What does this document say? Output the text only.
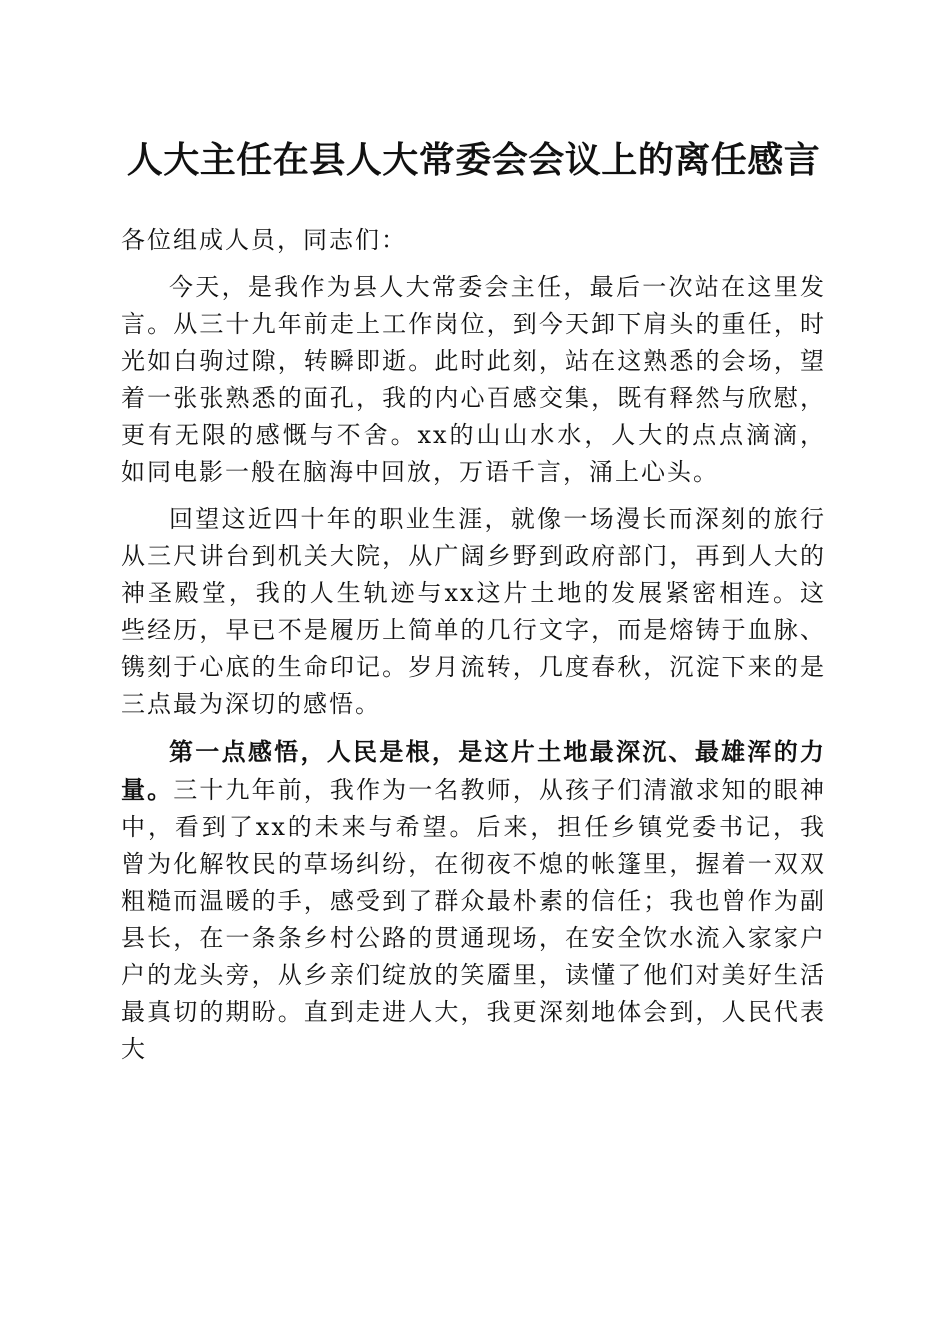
人大主任在县人大常委会会议上的离任感言

各位组成人员，同志们：

今天，是我作为县人大常委会主任，最后一次站在这里发言。从三十九年前走上工作岗位，到今天卸下肩头的重任，时光如白驹过隙，转瞬即逝。此时此刻，站在这熟悉的会场，望着一张张熟悉的面孔，我的内心百感交集，既有释然与欣慰，更有无限的感慨与不舍。xx的山山水水，人大的点点滴滴，如同电影一般在脑海中回放，万语千言，涌上心头。

回望这近四十年的职业生涯，就像一场漫长而深刻的旅行从三尺讲台到机关大院，从广阔乡野到政府部门，再到人大的神圣殿堂，我的人生轨迹与xx这片土地的发展紧密相连。这些经历，早已不是履历上简单的几行文字，而是熔铸于血脉、镌刻于心底的生命印记。岁月流转，几度春秋，沉淀下来的是三点最为深切的感悟。

第一点感悟，人民是根，是这片土地最深沉、最雄浑的力量。三十九年前，我作为一名教师，从孩子们清澈求知的眼神中，看到了xx的未来与希望。后来，担任乡镇党委书记，我曾为化解牧民的草场纠纷，在彻夜不熄的帐篷里，握着一双双粗糙而温暖的手，感受到了群众最朴素的信任；我也曾作为副县长，在一条条乡村公路的贯通现场，在安全饮水流入家家户户的龙头旁，从乡亲们绽放的笑靥里，读懂了他们对美好生活最真切的期盼。直到走进人大，我更深刻地体会到，人民代表大
